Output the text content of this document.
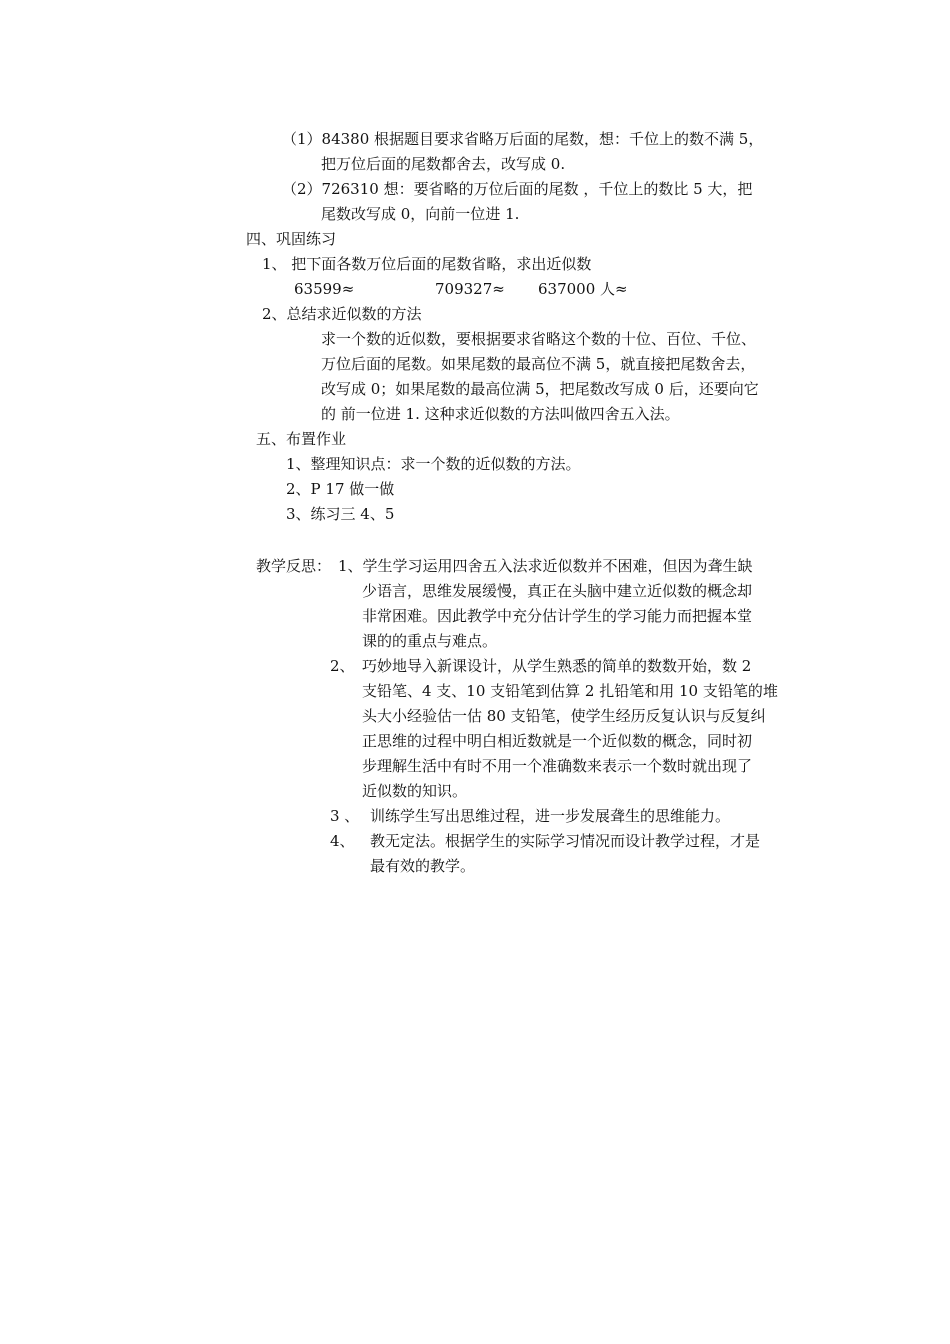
（1）84380 根据题目要求省略万后面的尾数，想：千位上的数不满 5，
把万位后面的尾数都舍去，改写成 0.
（2）726310 想：要省略的万位后面的尾数 ，千位上的数比 5 大，把
尾数改写成 0，向前一位进 1.
四、巩固练习
1、 把下面各数万位后面的尾数省略，求出近似数
63599≈	709327≈ 637000 人≈
2、总结求近似数的方法
求一个数的近似数，要根据要求省略这个数的十位、百位、千位、
万位后面的尾数。如果尾数的最高位不满 5，就直接把尾数舍去，
改写成 0；如果尾数的最高位满 5，把尾数改写成 0 后，还要向它
的 前一位进 1. 这种求近似数的方法叫做四舍五入法。
五、布置作业
1、整理知识点：求一个数的近似数的方法。
2、P 17 做一做
3、练习三 4、5
教学反思： 1、学生学习运用四舍五入法求近似数并不困难，但因为聋生缺
少语言，思维发展缓慢，真正在头脑中建立近似数的概念却
非常困难。因此教学中充分估计学生的学习能力而把握本堂
课的的重点与难点。
2、 巧妙地导入新课设计，从学生熟悉的简单的数数开始，数 2
支铅笔、4 支、10 支铅笔到估算 2 扎铅笔和用 10 支铅笔的堆
头大小经验估一估 80 支铅笔，使学生经历反复认识与反复纠
正思维的过程中明白相近数就是一个近似数的概念，同时初
步理解生活中有时不用一个准确数来表示一个数时就出现了
近似数的知识。
3 、 训练学生写出思维过程，进一步发展聋生的思维能力。
4、 教无定法。根据学生的实际学习情况而设计教学过程，才是
最有效的教学。
